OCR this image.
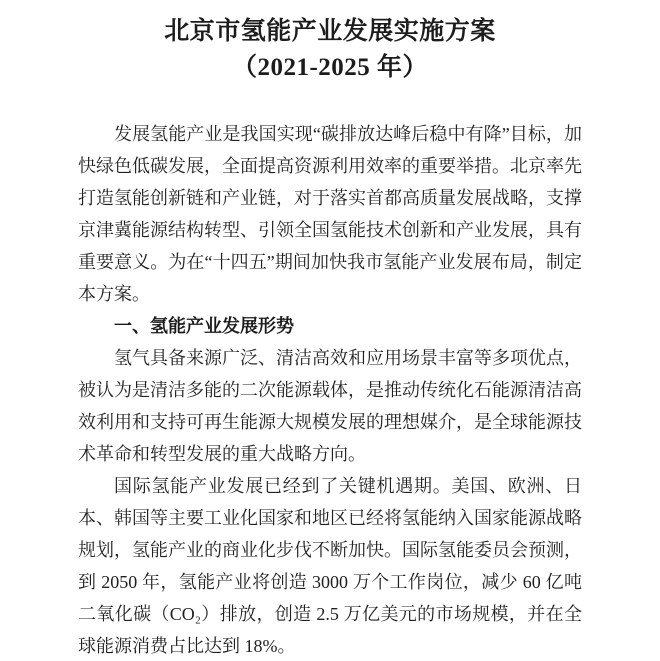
北京市氢能产业发展实施方案
（2021-2025 年）

发展氢能产业是我国实现“碳排放达峰后稳中有降”目标，加快绿色低碳发展，全面提高资源利用效率的重要举措。北京率先打造氢能创新链和产业链，对于落实首都高质量发展战略，支撑京津冀能源结构转型、引领全国氢能技术创新和产业发展，具有重要意义。为在“十四五”期间加快我市氢能产业发展布局，制定本方案。

一、氢能产业发展形势

氢气具备来源广泛、清洁高效和应用场景丰富等多项优点，被认为是清洁多能的二次能源载体，是推动传统化石能源清洁高效利用和支持可再生能源大规模发展的理想媒介，是全球能源技术革命和转型发展的重大战略方向。

国际氢能产业发展已经到了关键机遇期。美国、欧洲、日本、韩国等主要工业化国家和地区已经将氢能纳入国家能源战略规划，氢能产业的商业化步伐不断加快。国际氢能委员会预测，到 2050 年，氢能产业将创造 3000 万个工作岗位，减少 60 亿吨二氧化碳（CO₂）排放，创造 2.5 万亿美元的市场规模，并在全球能源消费占比达到 18%。
